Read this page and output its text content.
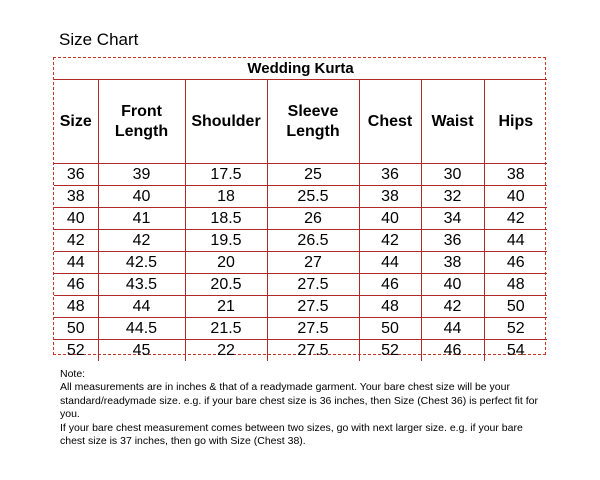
Size Chart
Wedding Kurta						
Size	Front Length	Shoulder	Sleeve Length	Chest	Waist	Hips
36	39	17.5	25	36	30	38
38	40	18	25.5	38	32	40
40	41	18.5	26	40	34	42
42	42	19.5	26.5	42	36	44
44	42.5	20	27	44	38	46
46	43.5	20.5	27.5	46	40	48
48	44	21	27.5	48	42	50
50	44.5	21.5	27.5	50	44	52
52	45	22	27.5	52	46	54

Note:

All measurements are in inches & that of a readymade garment. Your bare chest size will be your standard/readymade size. e.g. if your bare chest size is 36 inches, then Size (Chest 36) is perfect fit for you.

If your bare chest measurement comes between two sizes, go with next larger size. e.g. if your bare chest size is 37 inches, then go with Size (Chest 38).
